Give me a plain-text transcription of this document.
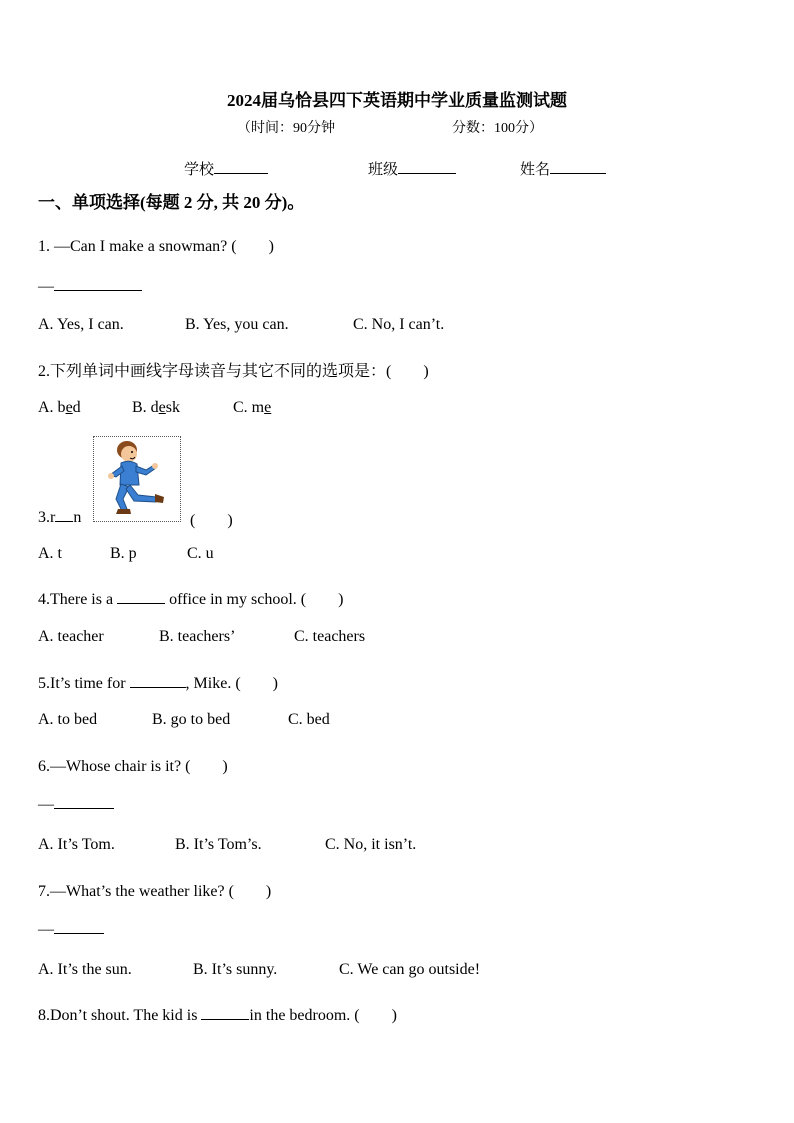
2024届乌恰县四下英语期中学业质量监测试题
（时间：90分钟	分数：100分）
学校	班级	姓名
一、单项选择(每题 2 分, 共 20 分)。
1. —Can I make a snowman? (　　)
—
A. Yes, I can.	B. Yes, you can.	C. No, I can’t.
2.下列单词中画线字母读音与其它不同的选项是：(　　)
A. bed	B. desk	C. me
3.r n	(　　)
A. t	B. p	C. u
4.There is a	office in my school. (　　)
A. teacher	B. teachers’	C. teachers
5.It’s time for	, Mike. (　　)
A. to bed	B. go to bed	C. bed
6.—Whose chair is it? (　　)
—
A. It’s Tom.	B. It’s Tom’s.	C. No, it isn’t.
7.—What’s the weather like? (　　)
—
A. It’s the sun.	B. It’s sunny.	C. We can go outside!
8.Don’t shout. The kid is	in the bedroom. (　　)
